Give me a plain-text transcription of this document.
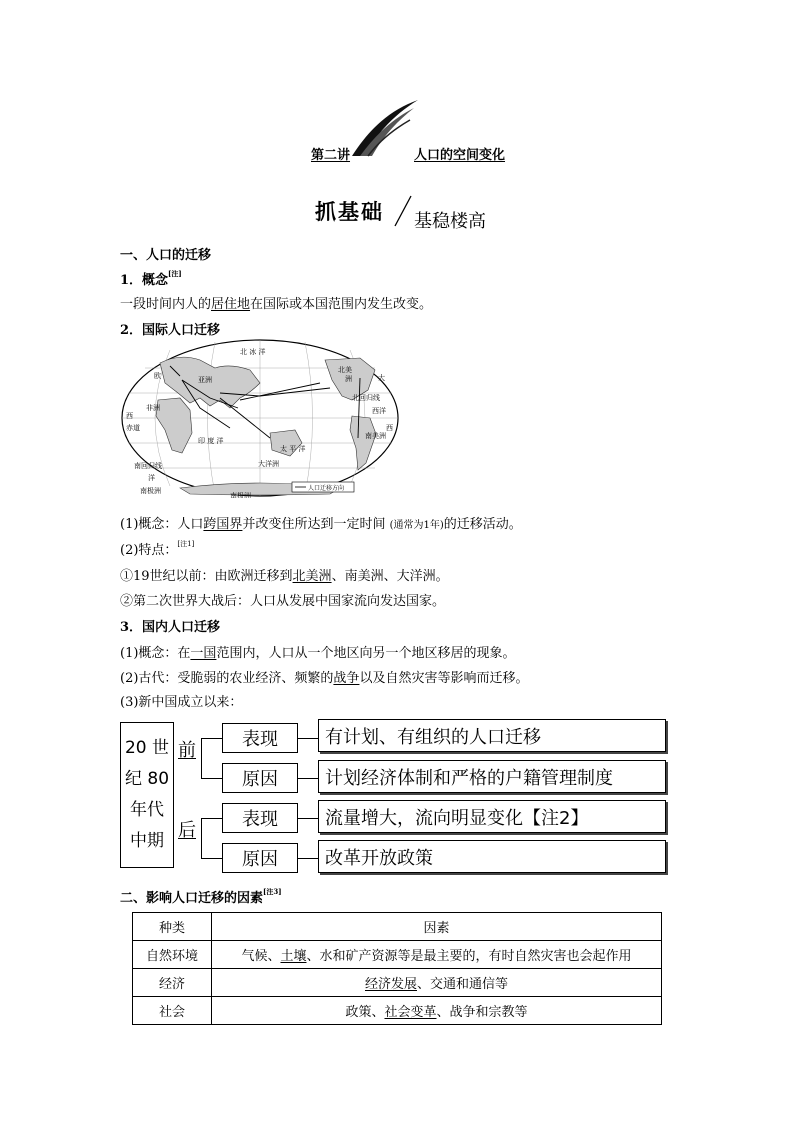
第二讲	人口的空间变化
抓基础 基稳楼高
一、人口的迁移
1．概念[注]
一段时间内人的居住地在国际或本国范围内发生改变。
2．国际人口迁移
北 冰 洋
亚洲
欧
非洲
北美
洲	大
西洋
西
赤道
印 度 洋
太 平 洋
大洋洲
南美洲
南回归线
洋
南极洲
南极洲
北回归线
西
人口迁移方向
(1)概念：人口跨国界并改变住所达到一定时间 (通常为1年)的迁移活动。
(2)特点：[注1]
①19世纪以前：由欧洲迁移到北美洲、南美洲、大洋洲。
②第二次世界大战后：人口从发展中国家流向发达国家。
3．国内人口迁移
(1)概念：在一国范围内，人口从一个地区向另一个地区移居的现象。
(2)古代：受脆弱的农业经济、频繁的战争以及自然灾害等影响而迁移。
(3)新中国成立以来：
20 世
纪 80
年代
中期
前
后
表现	有计划、有组织的人口迁移
原因	计划经济体制和严格的户籍管理制度
表现	流量增大，流向明显变化【注2】
原因	改革开放政策
二、影响人口迁移的因素[注3]
种类	因素
自然环境	气候、土壤、水和矿产资源等是最主要的，有时自然灾害也会起作用
经济	经济发展、交通和通信等
社会	政策、社会变革、战争和宗教等
